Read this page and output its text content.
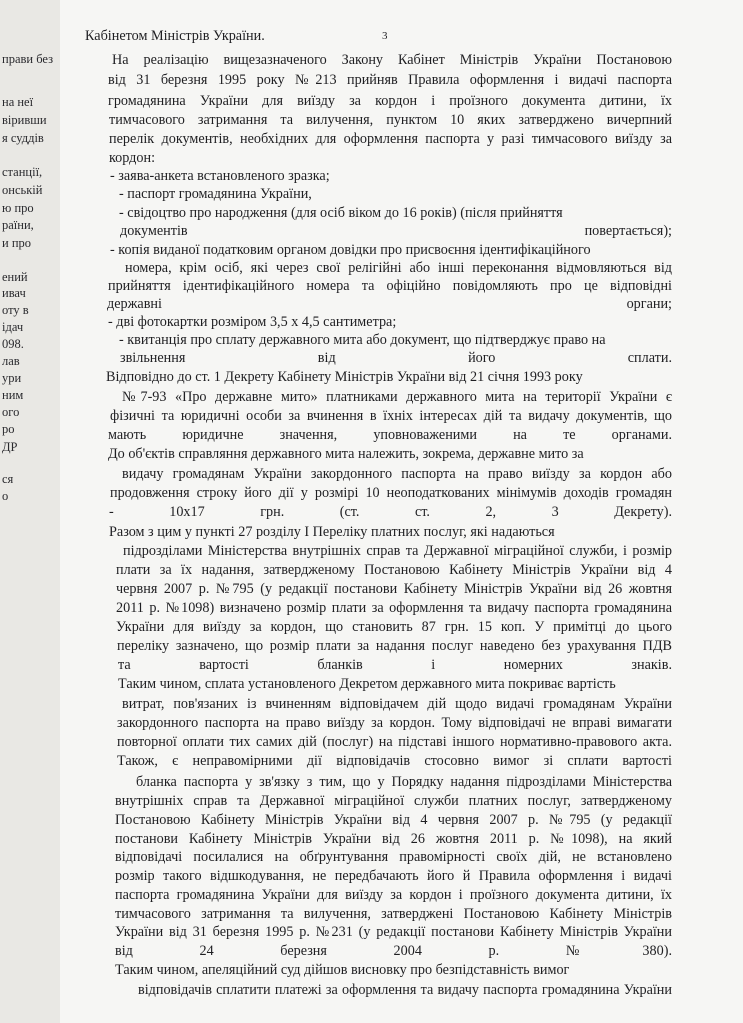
прави без
на неї
віривши
я суддів
станції,
онській
ю про
раїни,
и про
ений
ивач
оту в
ідач
098.
лав
ури
ним
ого
ро
ДР
ся
о
3
Кабінетом Міністрів України.
На реалізацію вищезазначеного Закону Кабінет Міністрів України Постановою
від 31 березня 1995 року №213 прийняв Правила оформлення і видачі паспорта
громадянина України для виїзду за кордон і проїзного документа дитини, їх
тимчасового затримання та вилучення, пунктом 10 яких затверджено вичерпний
перелік документів, необхідних для оформлення паспорта у разі тимчасового виїзду за
кордон:
- заява-анкета встановленого зразка;
- паспорт громадянина України,
- свідоцтво про народження (для осіб віком до 16 років) (після прийняття
документів повертається);
- копія виданої податковим органом довідки про присвоєння ідентифікаційного
номера, крім осіб, які через свої релігійні або інші переконання відмовляються від
прийняття ідентифікаційного номера та офіційно повідомляють про це відповідні
державні органи;
- дві фотокартки розміром 3,5 х 4,5 сантиметра;
- квитанція про сплату державного мита або документ, що підтверджує право на
звільнення від його сплати.
Відповідно до ст. 1 Декрету Кабінету Міністрів України від 21 січня 1993 року
№7-93 «Про державне мито» платниками державного мита на території України є
фізичні та юридичні особи за вчинення в їхніх інтересах дій та видачу документів, що
мають юридичне значення, уповноваженими на те органами.
До об'єктів справляння державного мита належить, зокрема, державне мито за
видачу громадянам України закордонного паспорта на право виїзду за кордон або
продовження строку його дії у розмірі 10 неоподаткованих мінімумів доходів громадян
- 10x17 грн. (ст. ст. 2, 3 Декрету).
Разом з цим у пункті 27 розділу І Переліку платних послуг, які надаються
підрозділами Міністерства внутрішніх справ та Державної міграційної служби, і розмір
плати за їх надання, затвердженому Постановою Кабінету Міністрів України від 4
червня 2007 р. №795 (у редакції постанови Кабінету Міністрів України від 26 жовтня
2011 р. №1098) визначено розмір плати за оформлення та видачу паспорта громадянина
України для виїзду за кордон, що становить 87 грн. 15 коп. У примітці до цього
переліку зазначено, що розмір плати за надання послуг наведено без урахування ПДВ
та вартості бланків і номерних знаків.
Таким чином, сплата установленого Декретом державного мита покриває вартість
витрат, пов'язаних із вчиненням відповідачем дій щодо видачі громадянам України
закордонного паспорта на право виїзду за кордон. Тому відповідачі не вправі вимагати
повторної оплати тих самих дій (послуг) на підставі іншого нормативно-правового акта.
Також, є неправомірними дії відповідачів стосовно вимог зі сплати вартості
бланка паспорта у зв'язку з тим, що у Порядку надання підрозділами Міністерства
внутрішніх справ та Державної міграційної служби платних послуг, затвердженому
Постановою Кабінету Міністрів України від 4 червня 2007 р. №795 (у редакції
постанови Кабінету Міністрів України від 26 жовтня 2011 р. №1098), на який
відповідачі посилалися на обґрунтування правомірності своїх дій, не встановлено
розмір такого відшкодування, не передбачають його й Правила оформлення і видачі
паспорта громадянина України для виїзду за кордон і проїзного документа дитини, їх
тимчасового затримання та вилучення, затверджені Постановою Кабінету Міністрів
України від 31 березня 1995 р. №231 (у редакції постанови Кабінету Міністрів України
від 24 березня 2004 р. №380).
Таким чином, апеляційний суд дійшов висновку про безпідставність вимог
відповідачів сплатити платежі за оформлення та видачу паспорта громадянина України
